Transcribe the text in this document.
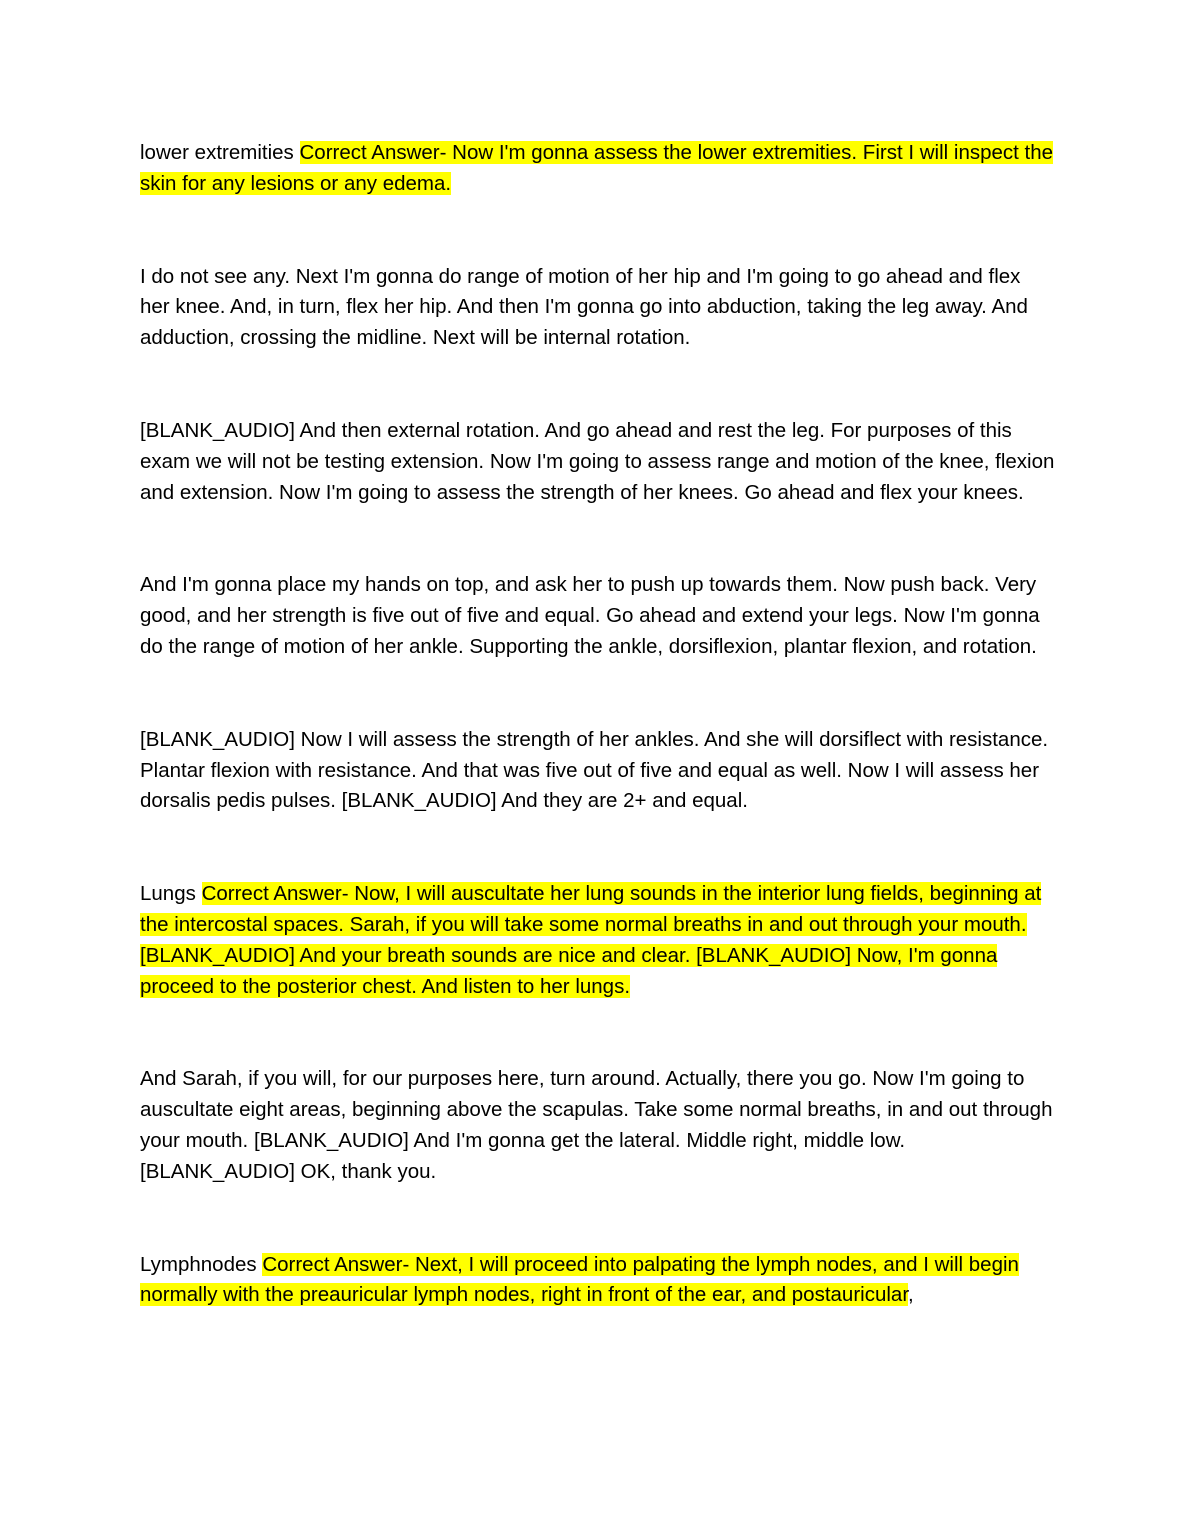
lower extremities Correct Answer- Now I'm gonna assess the lower extremities. First I will inspect the skin for any lesions or any edema.

I do not see any. Next I'm gonna do range of motion of her hip and I'm going to go ahead and flex her knee. And, in turn, flex her hip. And then I'm gonna go into abduction, taking the leg away. And adduction, crossing the midline. Next will be internal rotation.

[BLANK_AUDIO] And then external rotation. And go ahead and rest the leg. For purposes of this exam we will not be testing extension. Now I'm going to assess range and motion of the knee, flexion and extension. Now I'm going to assess the strength of her knees. Go ahead and flex your knees.

And I'm gonna place my hands on top, and ask her to push up towards them. Now push back. Very good, and her strength is five out of five and equal. Go ahead and extend your legs. Now I'm gonna do the range of motion of her ankle. Supporting the ankle, dorsiflexion, plantar flexion, and rotation.

[BLANK_AUDIO] Now I will assess the strength of her ankles. And she will dorsiflect with resistance. Plantar flexion with resistance. And that was five out of five and equal as well. Now I will assess her dorsalis pedis pulses. [BLANK_AUDIO] And they are 2+ and equal.

Lungs Correct Answer- Now, I will auscultate her lung sounds in the interior lung fields, beginning at the intercostal spaces. Sarah, if you will take some normal breaths in and out through your mouth. [BLANK_AUDIO] And your breath sounds are nice and clear. [BLANK_AUDIO] Now, I'm gonna proceed to the posterior chest. And listen to her lungs.

And Sarah, if you will, for our purposes here, turn around. Actually, there you go. Now I'm going to auscultate eight areas, beginning above the scapulas. Take some normal breaths, in and out through your mouth. [BLANK_AUDIO] And I'm gonna get the lateral. Middle right, middle low. [BLANK_AUDIO] OK, thank you.

Lymphnodes Correct Answer- Next, I will proceed into palpating the lymph nodes, and I will begin normally with the preauricular lymph nodes, right in front of the ear, and postauricular,
